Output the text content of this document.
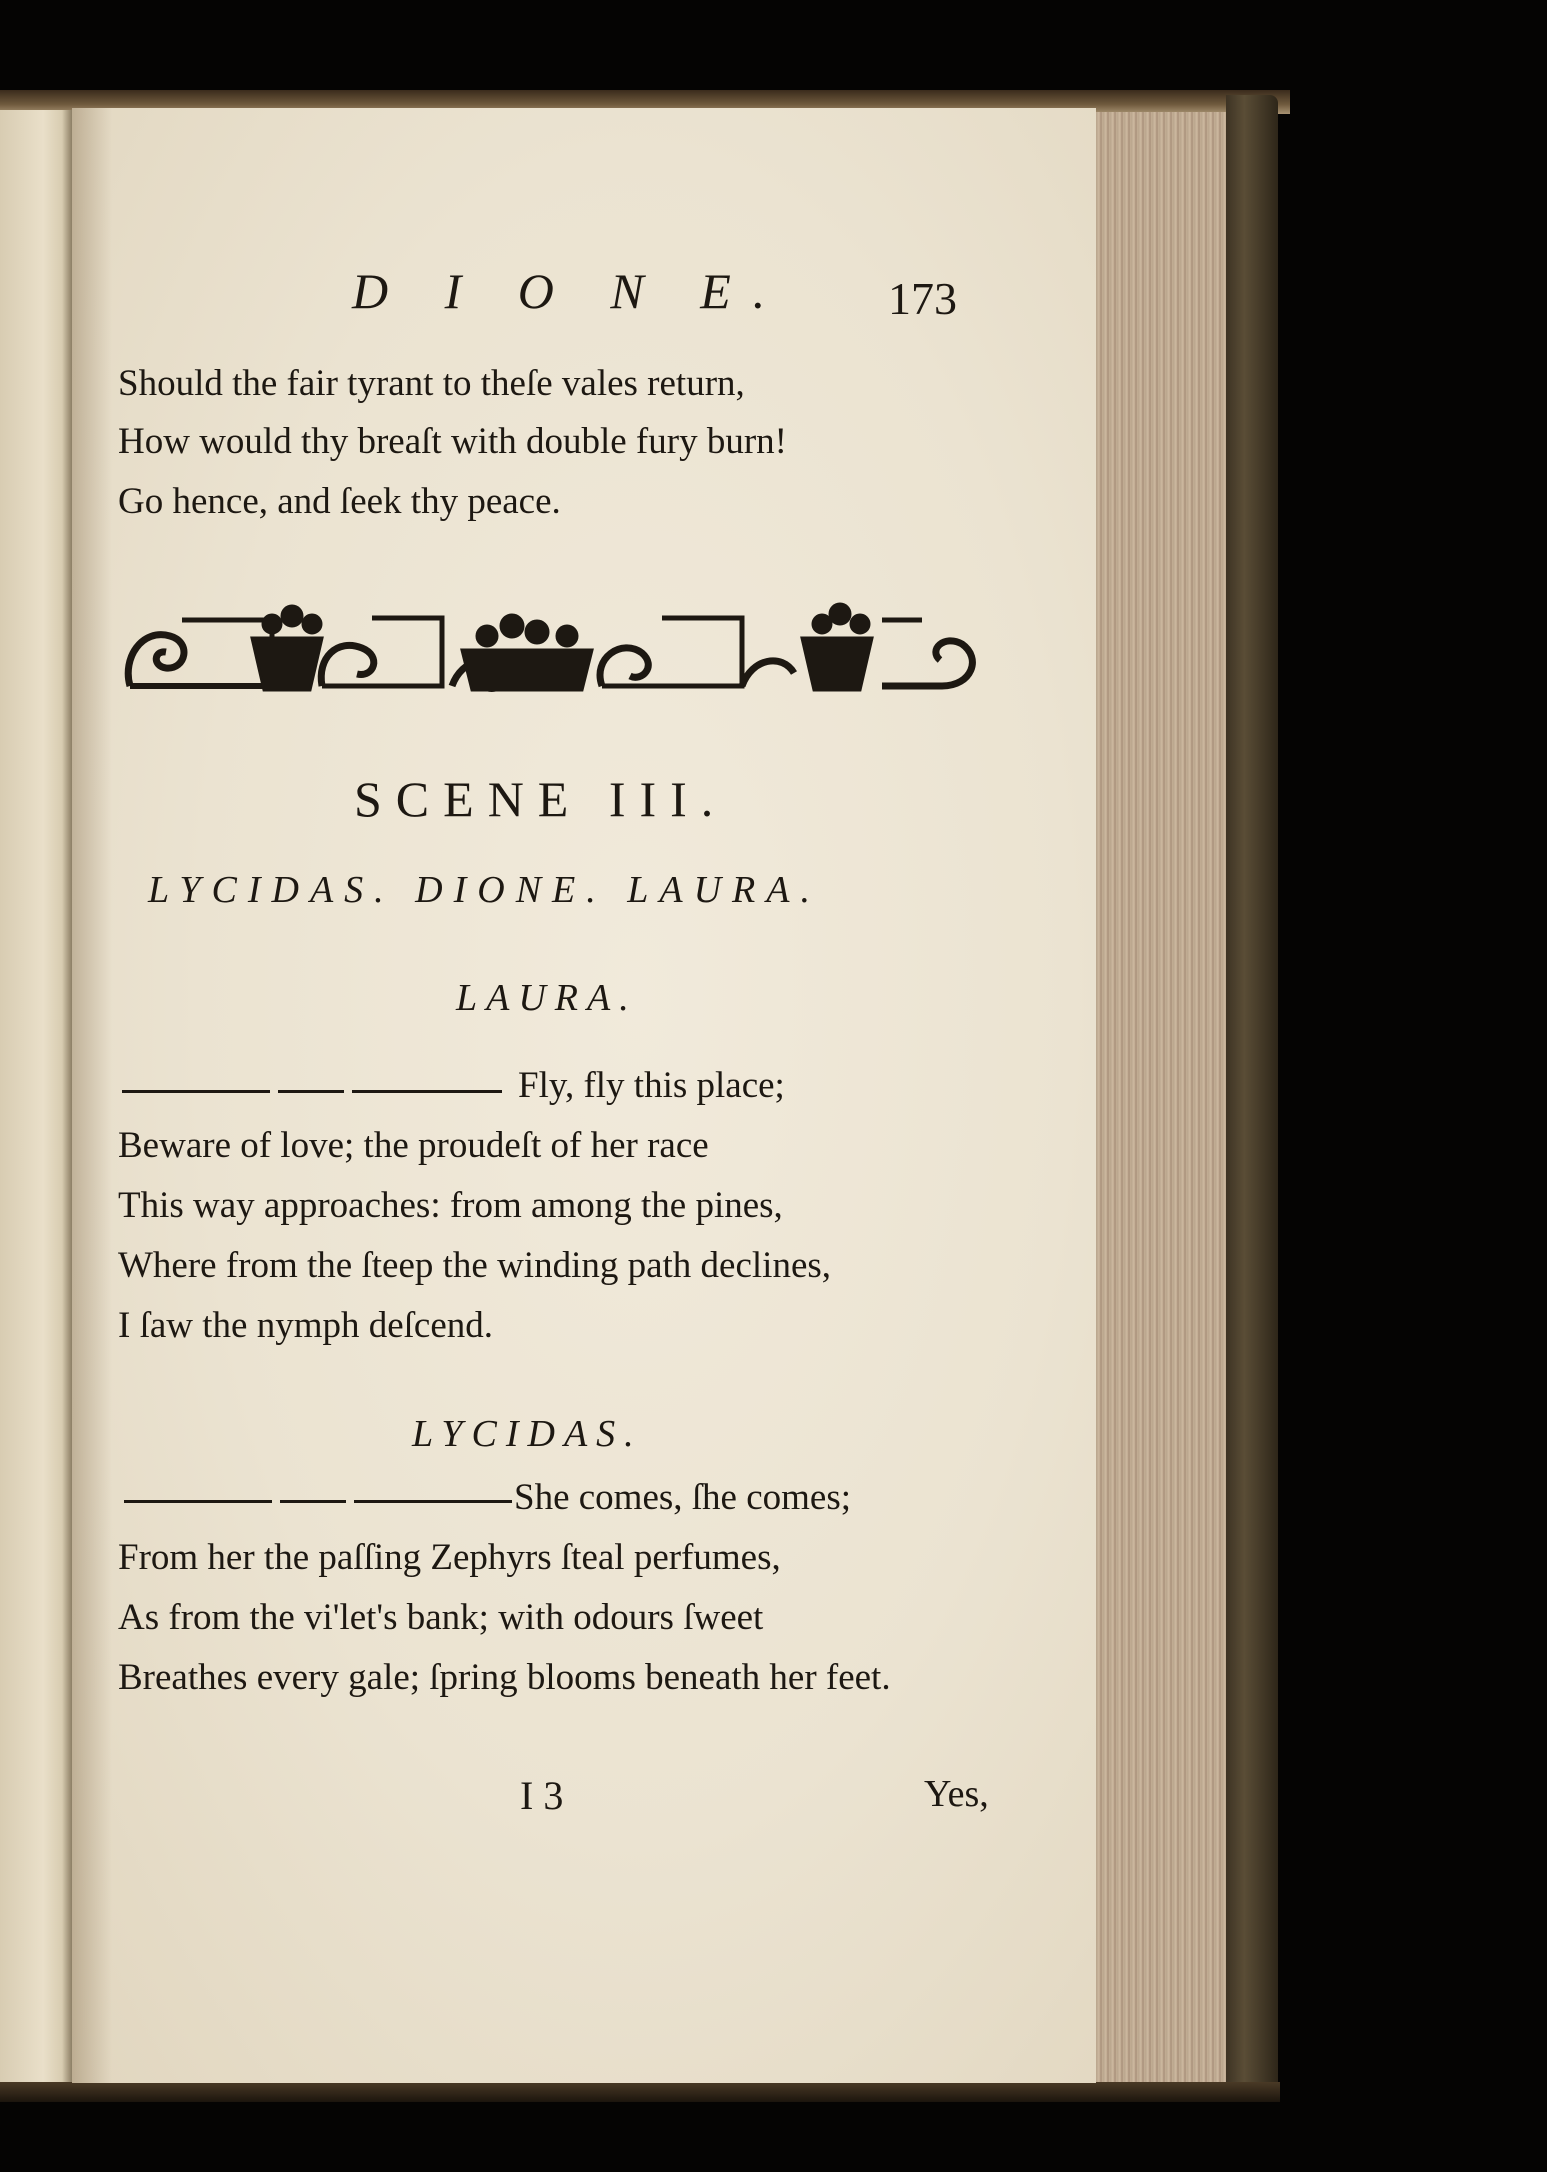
D I O N E. 173
Should the fair tyrant to theſe vales return,
How would thy breaſt with double fury burn!
Go hence, and ſeek thy peace.
SCENE III.
LYCIDAS. DIONE. LAURA.
LAURA.
Fly, fly this place;
Beware of love; the proudeſt of her race
This way approaches: from among the pines,
Where from the ſteep the winding path declines,
I ſaw the nymph deſcend.
LYCIDAS.
She comes, ſhe comes;
From her the paſſing Zephyrs ſteal perfumes,
As from the vi'let's bank; with odours ſweet
Breathes every gale; ſpring blooms beneath her feet.
I 3	Yes,
